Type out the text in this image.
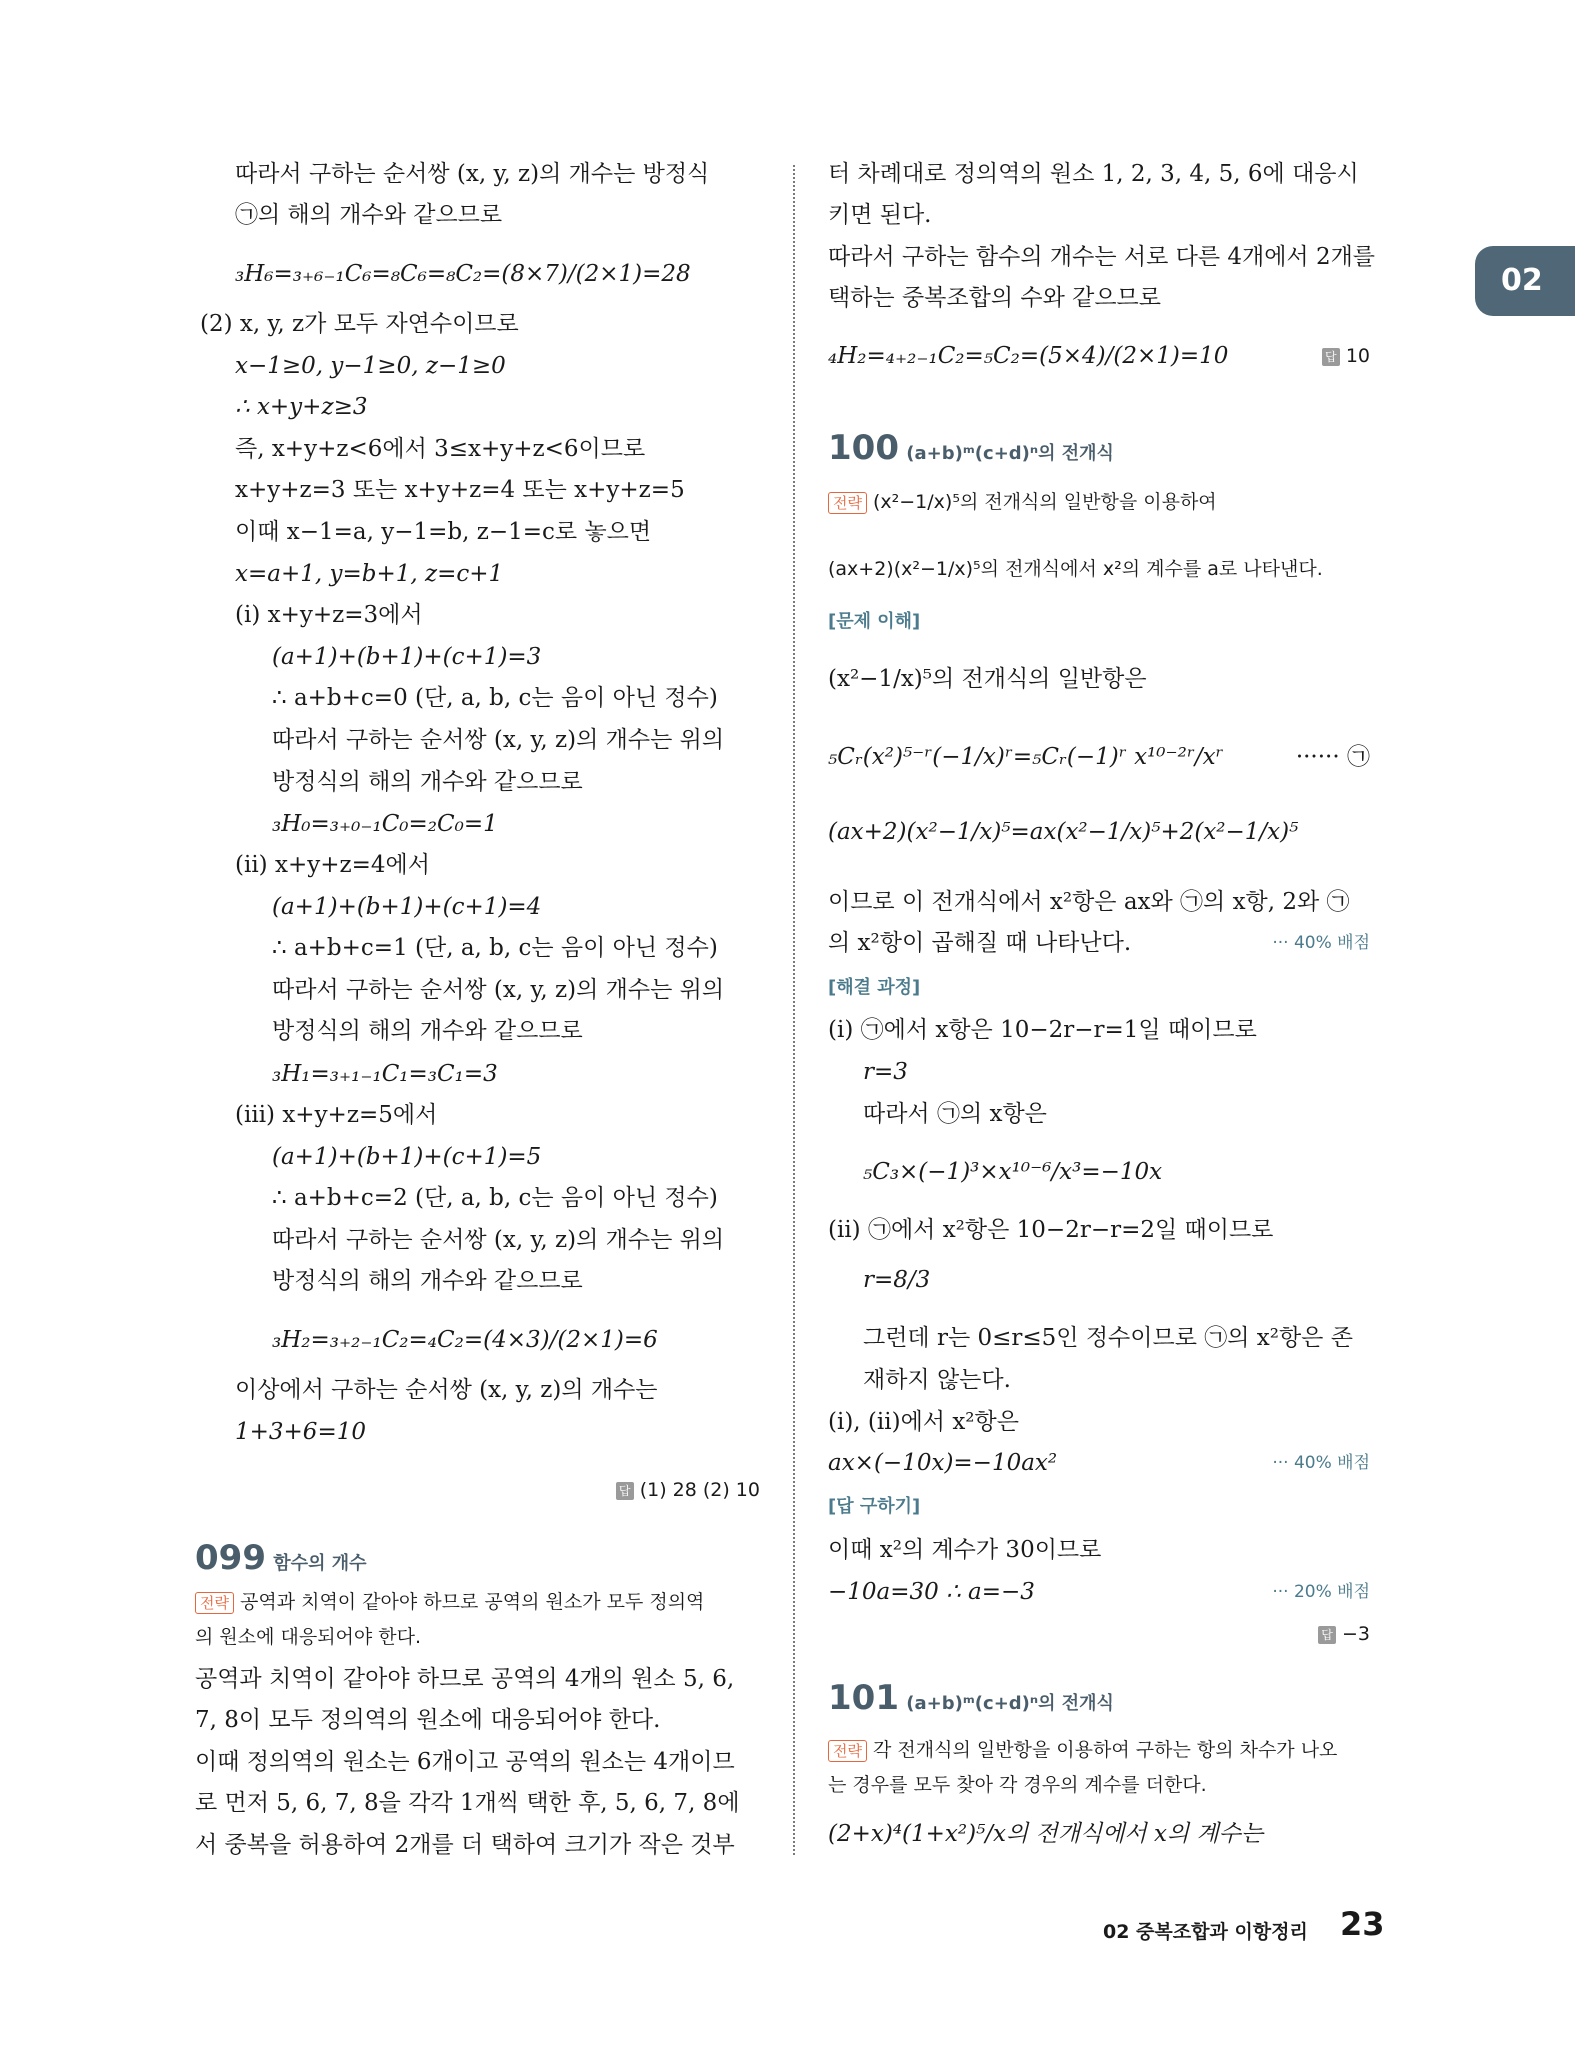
02
따라서 구하는 순서쌍 (x, y, z)의 개수는 방정식
㉠의 해의 개수와 같으므로
₃H₆=₃₊₆₋₁C₆=₈C₆=₈C₂=(8×7)/(2×1)=28
(2) x, y, z가 모두 자연수이므로
x−1≥0, y−1≥0, z−1≥0
∴ x+y+z≥3
즉, x+y+z<6에서 3≤x+y+z<6이므로
x+y+z=3 또는 x+y+z=4 또는 x+y+z=5
이때 x−1=a, y−1=b, z−1=c로 놓으면
x=a+1, y=b+1, z=c+1
(ⅰ) x+y+z=3에서
(a+1)+(b+1)+(c+1)=3
∴ a+b+c=0 (단, a, b, c는 음이 아닌 정수)
따라서 구하는 순서쌍 (x, y, z)의 개수는 위의
방정식의 해의 개수와 같으므로
₃H₀=₃₊₀₋₁C₀=₂C₀=1
(ⅱ) x+y+z=4에서
(a+1)+(b+1)+(c+1)=4
∴ a+b+c=1 (단, a, b, c는 음이 아닌 정수)
따라서 구하는 순서쌍 (x, y, z)의 개수는 위의
방정식의 해의 개수와 같으므로
₃H₁=₃₊₁₋₁C₁=₃C₁=3
(ⅲ) x+y+z=5에서
(a+1)+(b+1)+(c+1)=5
∴ a+b+c=2 (단, a, b, c는 음이 아닌 정수)
따라서 구하는 순서쌍 (x, y, z)의 개수는 위의
방정식의 해의 개수와 같으므로
₃H₂=₃₊₂₋₁C₂=₄C₂=(4×3)/(2×1)=6
이상에서 구하는 순서쌍 (x, y, z)의 개수는
1+3+6=10
답 (1) 28 (2) 10
099 함수의 개수
전략 공역과 치역이 같아야 하므로 공역의 원소가 모두 정의역
의 원소에 대응되어야 한다.
공역과 치역이 같아야 하므로 공역의 4개의 원소 5, 6,
7, 8이 모두 정의역의 원소에 대응되어야 한다.
이때 정의역의 원소는 6개이고 공역의 원소는 4개이므
로 먼저 5, 6, 7, 8을 각각 1개씩 택한 후, 5, 6, 7, 8에
서 중복을 허용하여 2개를 더 택하여 크기가 작은 것부
터 차례대로 정의역의 원소 1, 2, 3, 4, 5, 6에 대응시
키면 된다.
따라서 구하는 함수의 개수는 서로 다른 4개에서 2개를
택하는 중복조합의 수와 같으므로
₄H₂=₄₊₂₋₁C₂=₅C₂=(5×4)/(2×1)=10	답 10
100 (a+b)ᵐ(c+d)ⁿ의 전개식
전략 (x²−1/x)⁵의 전개식의 일반항을 이용하여
(ax+2)(x²−1/x)⁵의 전개식에서 x²의 계수를 a로 나타낸다.
[문제 이해]
(x²−1/x)⁵의 전개식의 일반항은
₅Cᵣ(x²)⁵⁻ʳ(−1/x)ʳ=₅Cᵣ(−1)ʳ x¹⁰⁻²ʳ/xʳ	······ ㉠
(ax+2)(x²−1/x)⁵=ax(x²−1/x)⁵+2(x²−1/x)⁵
이므로 이 전개식에서 x²항은 ax와 ㉠의 x항, 2와 ㉠
의 x²항이 곱해질 때 나타난다.	··· 40% 배점
[해결 과정]
(ⅰ) ㉠에서 x항은 10−2r−r=1일 때이므로
r=3
따라서 ㉠의 x항은
₅C₃×(−1)³×x¹⁰⁻⁶/x³=−10x
(ⅱ) ㉠에서 x²항은 10−2r−r=2일 때이므로
r=8/3
그런데 r는 0≤r≤5인 정수이므로 ㉠의 x²항은 존
재하지 않는다.
(ⅰ), (ⅱ)에서 x²항은
ax×(−10x)=−10ax²	··· 40% 배점
[답 구하기]
이때 x²의 계수가 30이므로
−10a=30 ∴ a=−3	··· 20% 배점
답 −3
101 (a+b)ᵐ(c+d)ⁿ의 전개식
전략 각 전개식의 일반항을 이용하여 구하는 항의 차수가 나오
는 경우를 모두 찾아 각 경우의 계수를 더한다.
(2+x)⁴(1+x²)⁵/x의 전개식에서 x의 계수는
02 중복조합과 이항정리 23
